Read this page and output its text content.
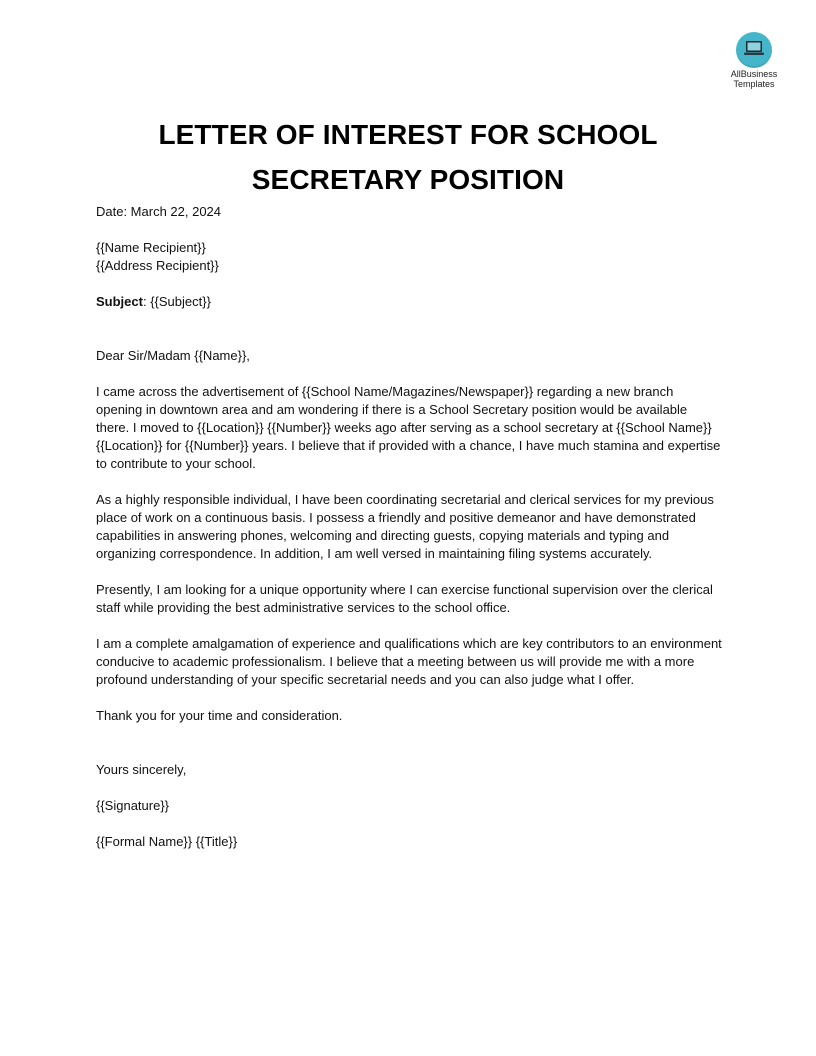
AllBusiness
Templates
LETTER OF INTEREST FOR SCHOOL
SECRETARY POSITION

Date: March 22, 2024

{{Name Recipient}}

{{Address Recipient}}

Subject: {{Subject}}

Dear Sir/Madam {{Name}},

I came across the advertisement of {{School Name/Magazines/Newspaper}} regarding a new branch opening in downtown area and am wondering if there is a School Secretary position would be available there. I moved to {{Location}} {{Number}} weeks ago after serving as a school secretary at {{School Name}} {{Location}} for {{Number}} years. I believe that if provided with a chance, I have much stamina and expertise to contribute to your school.

As a highly responsible individual, I have been coordinating secretarial and clerical services for my previous place of work on a continuous basis. I possess a friendly and positive demeanor and have demonstrated capabilities in answering phones, welcoming and directing guests, copying materials and typing and organizing correspondence. In addition, I am well versed in maintaining filing systems accurately.

Presently, I am looking for a unique opportunity where I can exercise functional supervision over the clerical staff while providing the best administrative services to the school office.

I am a complete amalgamation of experience and qualifications which are key contributors to an environment conducive to academic professionalism. I believe that a meeting between us will provide me with a more profound understanding of your specific secretarial needs and you can also judge what I offer.

Thank you for your time and consideration.

Yours sincerely,

{{Signature}}

{{Formal Name}} {{Title}}
